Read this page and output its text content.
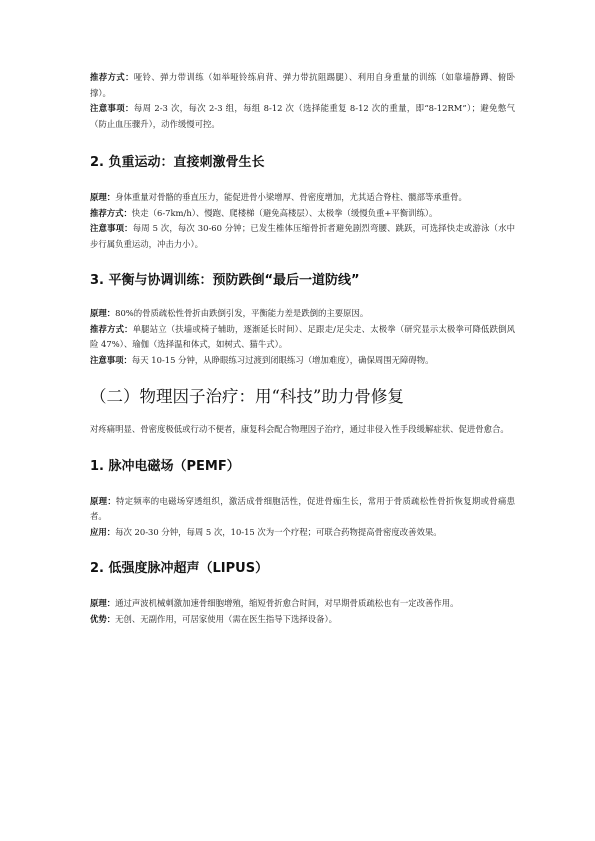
推荐方式：哑铃、弹力带训练（如举哑铃练肩背、弹力带抗阻踢腿）、利用自身重量的训练（如靠墙静蹲、俯卧撑）。

注意事项：每周 2-3 次，每次 2-3 组，每组 8-12 次（选择能重复 8-12 次的重量，即“8-12RM”）；避免憋气（防止血压骤升），动作缓慢可控。

2. 负重运动：直接刺激骨生长

原理：身体重量对骨骼的垂直压力，能促进骨小梁增厚、骨密度增加，尤其适合脊柱、髋部等承重骨。

推荐方式：快走（6-7km/h）、慢跑、爬楼梯（避免高楼层）、太极拳（缓慢负重+平衡训练）。

注意事项：每周 5 次，每次 30-60 分钟；已发生椎体压缩骨折者避免剧烈弯腰、跳跃，可选择快走或游泳（水中步行属负重运动，冲击力小）。

3. 平衡与协调训练：预防跌倒“最后一道防线”

原理：80%的骨质疏松性骨折由跌倒引发，平衡能力差是跌倒的主要原因。

推荐方式：单腿站立（扶墙或椅子辅助，逐渐延长时间）、足跟走/足尖走、太极拳（研究显示太极拳可降低跌倒风险 47%）、瑜伽（选择温和体式，如树式、猫牛式）。

注意事项：每天 10-15 分钟，从睁眼练习过渡到闭眼练习（增加难度），确保周围无障碍物。

（二）物理因子治疗：用“科技”助力骨修复

对疼痛明显、骨密度极低或行动不便者，康复科会配合物理因子治疗，通过非侵入性手段缓解症状、促进骨愈合。

1. 脉冲电磁场（PEMF）

原理：特定频率的电磁场穿透组织，激活成骨细胞活性，促进骨痂生长，常用于骨质疏松性骨折恢复期或骨痛患者。

应用：每次 20-30 分钟，每周 5 次，10-15 次为一个疗程；可联合药物提高骨密度改善效果。

2. 低强度脉冲超声（LIPUS）

原理：通过声波机械刺激加速骨细胞增殖，缩短骨折愈合时间，对早期骨质疏松也有一定改善作用。

优势：无创、无副作用，可居家使用（需在医生指导下选择设备）。
